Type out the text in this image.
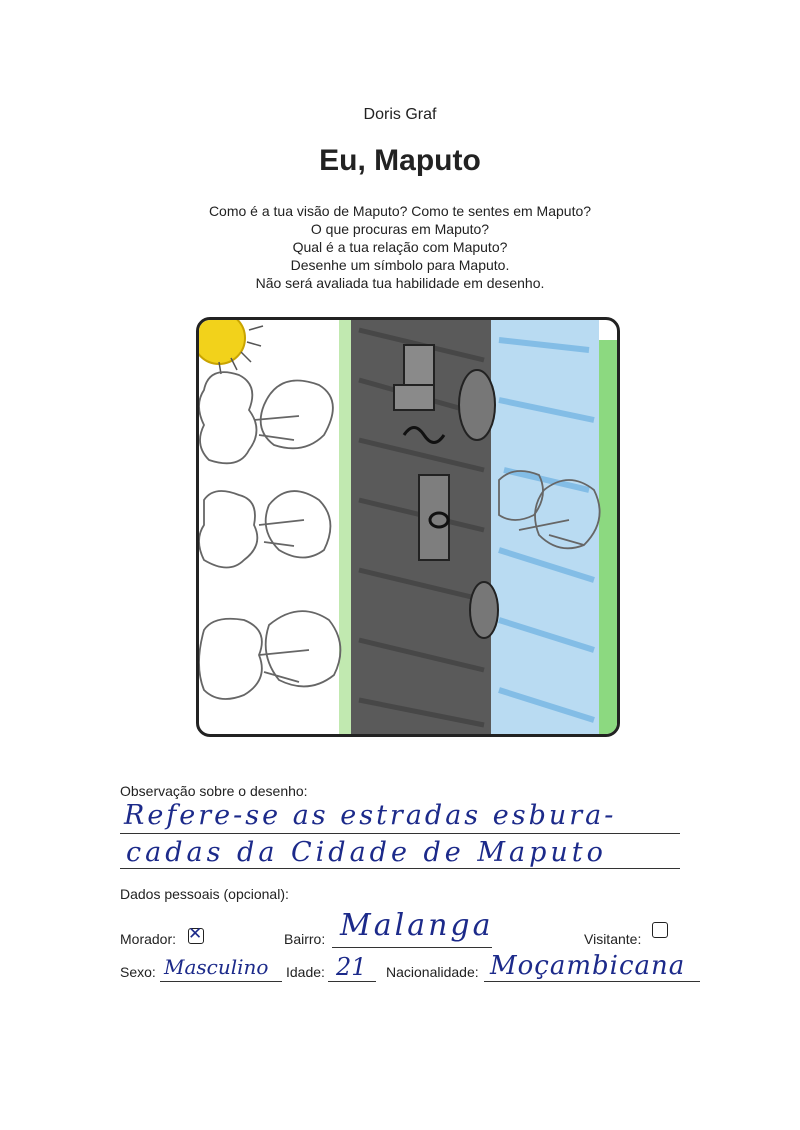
Doris Graf
Eu, Maputo
Como é a tua visão de Maputo? Como te sentes em Maputo?
O que procuras em Maputo?
Qual é a tua relação com Maputo?
Desenhe um símbolo para Maputo.
Não será avaliada tua habilidade em desenho.
Observação sobre o desenho:
Refere-se as estradas esbura-
cadas da Cidade de Maputo
Dados pessoais (opcional):
Morador: ✕	Bairro: Malanga	Visitante:
Sexo: Masculino Idade: 21 Nacionalidade: Moçambicana
